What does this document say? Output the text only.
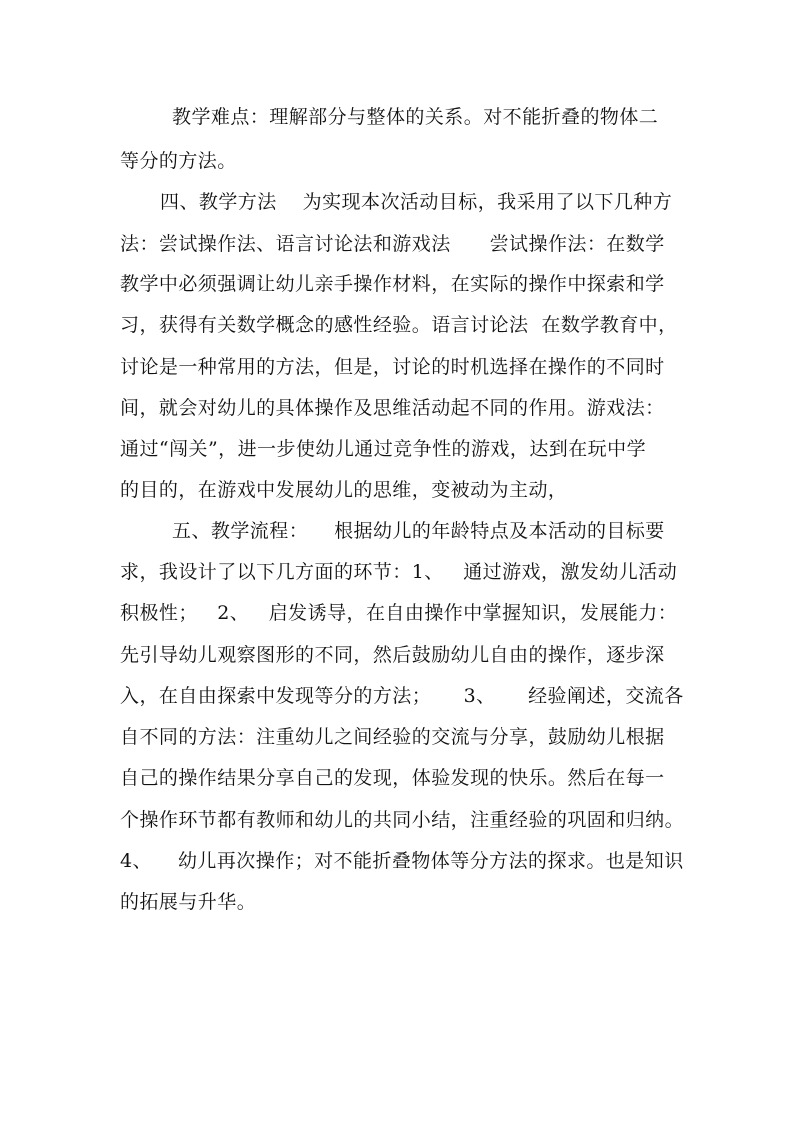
教学难点：理解部分与整体的关系。对不能折叠的物体二
等分的方法。
四、教学方法    为实现本次活动目标，我采用了以下几种方
法：尝试操作法、语言讨论法和游戏法      尝试操作法：在数学
教学中必须强调让幼儿亲手操作材料，在实际的操作中探索和学
习，获得有关数学概念的感性经验。语言讨论法  在数学教育中，
讨论是一种常用的方法，但是，讨论的时机选择在操作的不同时
间，就会对幼儿的具体操作及思维活动起不同的作用。游戏法：
通过“闯关”，进一步使幼儿通过竞争性的游戏，达到在玩中学
的目的，在游戏中发展幼儿的思维，变被动为主动，
五、教学流程：    根据幼儿的年龄特点及本活动的目标要
求，我设计了以下几方面的环节：1、   通过游戏，激发幼儿活动
积极性；   2、   启发诱导，在自由操作中掌握知识，发展能力：
先引导幼儿观察图形的不同，然后鼓励幼儿自由的操作，逐步深
入，在自由探索中发现等分的方法；     3、     经验阐述，交流各
自不同的方法：注重幼儿之间经验的交流与分享，鼓励幼儿根据
自己的操作结果分享自己的发现，体验发现的快乐。然后在每一
个操作环节都有教师和幼儿的共同小结，注重经验的巩固和归纳。
4、    幼儿再次操作；对不能折叠物体等分方法的探求。也是知识
的拓展与升华。
